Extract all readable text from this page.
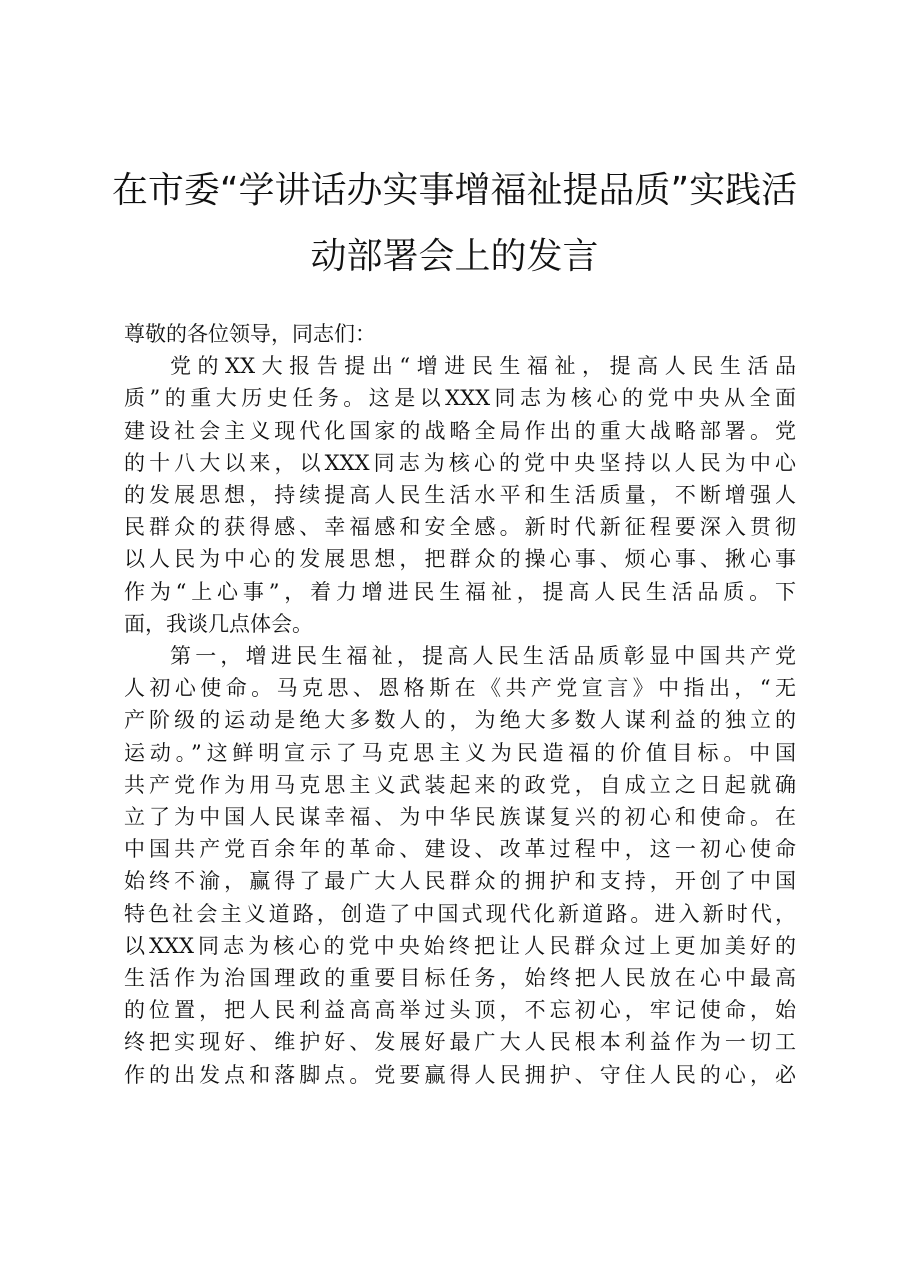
在市委“学讲话办实事增福祉提品质”实践活
动部署会上的发言

尊敬的各位领导，同志们：

党的XX大报告提出“增进民生福祉，提高人民生活品
质”的重大历史任务。这是以XXX同志为核心的党中央从全面
建设社会主义现代化国家的战略全局作出的重大战略部署。党
的十八大以来，以XXX同志为核心的党中央坚持以人民为中心
的发展思想，持续提高人民生活水平和生活质量，不断增强人
民群众的获得感、幸福感和安全感。新时代新征程要深入贯彻
以人民为中心的发展思想，把群众的操心事、烦心事、揪心事
作为“上心事”，着力增进民生福祉，提高人民生活品质。下
面，我谈几点体会。

第一，增进民生福祉，提高人民生活品质彰显中国共产党
人初心使命。马克思、恩格斯在《共产党宣言》中指出，“无
产阶级的运动是绝大多数人的，为绝大多数人谋利益的独立的
运动。”这鲜明宣示了马克思主义为民造福的价值目标。中国
共产党作为用马克思主义武装起来的政党，自成立之日起就确
立了为中国人民谋幸福、为中华民族谋复兴的初心和使命。在
中国共产党百余年的革命、建设、改革过程中，这一初心使命
始终不渝，赢得了最广大人民群众的拥护和支持，开创了中国
特色社会主义道路，创造了中国式现代化新道路。进入新时代，
以XXX同志为核心的党中央始终把让人民群众过上更加美好的
生活作为治国理政的重要目标任务，始终把人民放在心中最高
的位置，把人民利益高高举过头顶，不忘初心，牢记使命，始
终把实现好、维护好、发展好最广大人民根本利益作为一切工
作的出发点和落脚点。党要赢得人民拥护、守住人民的心，必
